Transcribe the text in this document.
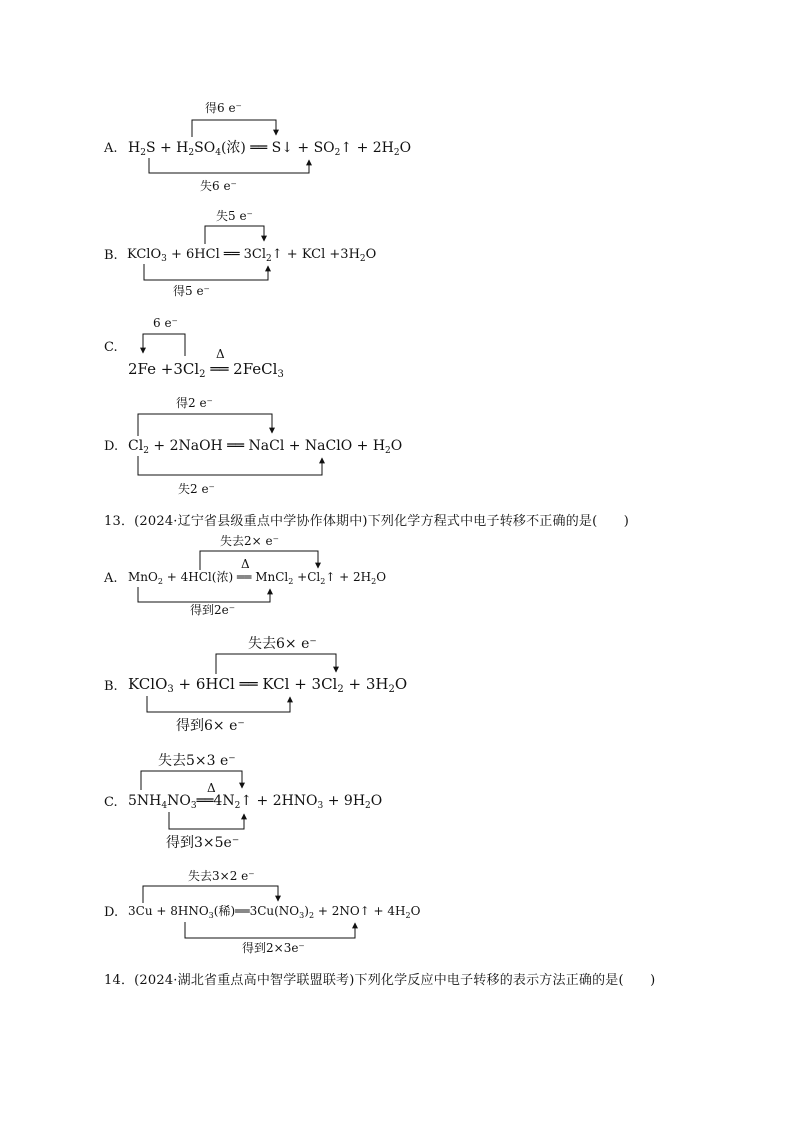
A.
得6 e⁻
$H_2S + H_2SO_4$(浓) ══ S↓ + $SO_2↑ + 2H_2O$
失6 e⁻
B.
失5 e⁻
KClO$_3$ + 6HCl ══ $3Cl_2↑$ + KCl $+3H_2O$
得5 e⁻
C.
6 e⁻
Δ
$2Fe +3Cl_2$ ══ 2FeCl$_3$
D.
得2 e⁻
$Cl_2$ + 2NaOH ══ NaCl + NaClO + $H_2O$
失2 e⁻
A.
失去2× e⁻
Δ
MnO$_2$ + 4HCl(浓) ══ MnCl$_2$ $+Cl_2↑ + 2H_2O$
得到2e⁻
B.
失去6× e⁻
KClO$_3$ + 6HCl ══ KCl + $3Cl_2 + 3H_2O$
得到6× e⁻
C.
失去5×3 e⁻
Δ
$5NH_4NO_3══4N_2↑ + 2HNO_3 + 9H_2O$
得到3×5e⁻
D.
失去3×2 e⁻
$3Cu + 8HNO_3$(稀)$══3Cu(NO_3)_2$ + 2NO↑ + $4H_2O$
得到2×3e⁻
13．(2024·辽宁省县级重点中学协作体期中)下列化学方程式中电子转移不正确的是(　　)
14．(2024·湖北省重点高中智学联盟联考)下列化学反应中电子转移的表示方法正确的是(　　)
